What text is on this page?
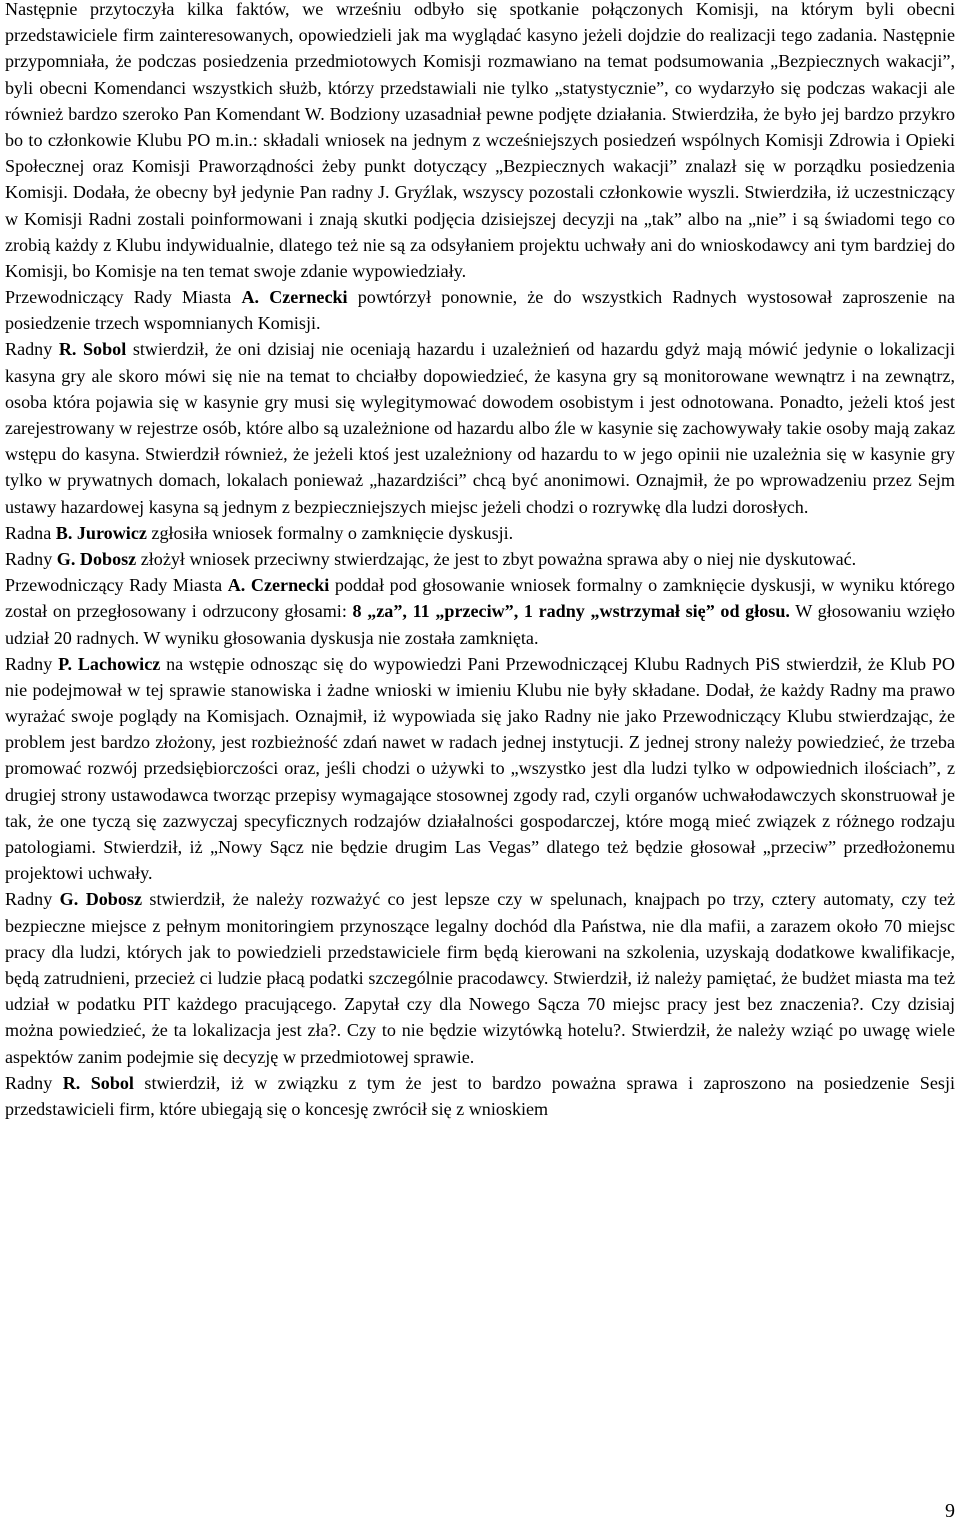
Następnie przytoczyła kilka faktów, we wrześniu odbyło się spotkanie połączonych Komisji, na którym byli obecni przedstawiciele firm zainteresowanych, opowiedzieli jak ma wyglądać kasyno jeżeli dojdzie do realizacji tego zadania. Następnie przypomniała, że podczas posiedzenia przedmiotowych Komisji rozmawiano na temat podsumowania „Bezpiecznych wakacji”, byli obecni Komendanci wszystkich służb, którzy przedstawiali nie tylko „statystycznie”, co wydarzyło się podczas wakacji ale również bardzo szeroko Pan Komendant W. Bodziony uzasadniał pewne podjęte działania. Stwierdziła, że było jej bardzo przykro bo to członkowie Klubu PO m.in.: składali wniosek na jednym z wcześniejszych posiedzeń wspólnych Komisji Zdrowia i Opieki Społecznej oraz Komisji Praworządności żeby punkt dotyczący „Bezpiecznych wakacji” znalazł się w porządku posiedzenia Komisji. Dodała, że obecny był jedynie Pan radny J. Gryźlak, wszyscy pozostali członkowie wyszli. Stwierdziła, iż uczestniczący w Komisji Radni zostali poinformowani i znają skutki podjęcia dzisiejszej decyzji na „tak” albo na „nie” i są świadomi tego co zrobią każdy z Klubu indywidualnie, dlatego też nie są za odsyłaniem projektu uchwały ani do wnioskodawcy ani tym bardziej do Komisji, bo Komisje na ten temat swoje zdanie wypowiedziały.

Przewodniczący Rady Miasta A. Czernecki powtórzył ponownie, że do wszystkich Radnych wystosował zaproszenie na posiedzenie trzech wspomnianych Komisji.

Radny R. Sobol stwierdził, że oni dzisiaj nie oceniają hazardu i uzależnień od hazardu gdyż mają mówić jedynie o lokalizacji kasyna gry ale skoro mówi się nie na temat to chciałby dopowiedzieć, że kasyna gry są monitorowane wewnątrz i na zewnątrz, osoba która pojawia się w kasynie gry musi się wylegitymować dowodem osobistym i jest odnotowana. Ponadto, jeżeli ktoś jest zarejestrowany w rejestrze osób, które albo są uzależnione od hazardu albo źle w kasynie się zachowywały takie osoby mają zakaz wstępu do kasyna. Stwierdził również, że jeżeli ktoś jest uzależniony od hazardu to w jego opinii nie uzależnia się w kasynie gry tylko w prywatnych domach, lokalach ponieważ „hazardziści” chcą być anonimowi. Oznajmił, że po wprowadzeniu przez Sejm ustawy hazardowej kasyna są jednym z bezpieczniejszych miejsc jeżeli chodzi o rozrywkę dla ludzi dorosłych.

Radna B. Jurowicz zgłosiła wniosek formalny o zamknięcie dyskusji.

Radny G. Dobosz złożył wniosek przeciwny stwierdzając, że jest to zbyt poważna sprawa aby o niej nie dyskutować.

Przewodniczący Rady Miasta A. Czernecki poddał pod głosowanie wniosek formalny o zamknięcie dyskusji, w wyniku którego został on przegłosowany i odrzucony głosami: 8 „za”, 11 „przeciw”, 1 radny „wstrzymał się” od głosu. W głosowaniu wzięło udział 20 radnych. W wyniku głosowania dyskusja nie została zamknięta.

Radny P. Lachowicz na wstępie odnosząc się do wypowiedzi Pani Przewodniczącej Klubu Radnych PiS stwierdził, że Klub PO nie podejmował w tej sprawie stanowiska i żadne wnioski w imieniu Klubu nie były składane. Dodał, że każdy Radny ma prawo wyrażać swoje poglądy na Komisjach. Oznajmił, iż wypowiada się jako Radny nie jako Przewodniczący Klubu stwierdzając, że problem jest bardzo złożony, jest rozbieżność zdań nawet w radach jednej instytucji. Z jednej strony należy powiedzieć, że trzeba promować rozwój przedsiębiorczości oraz, jeśli chodzi o używki to „wszystko jest dla ludzi tylko w odpowiednich ilościach”, z drugiej strony ustawodawca tworząc przepisy wymagające stosownej zgody rad, czyli organów uchwałodawczych skonstruował je tak, że one tyczą się zazwyczaj specyficznych rodzajów działalności gospodarczej, które mogą mieć związek z różnego rodzaju patologiami. Stwierdził, iż „Nowy Sącz nie będzie drugim Las Vegas” dlatego też będzie głosował „przeciw” przedłożonemu projektowi uchwały.

Radny G. Dobosz stwierdził, że należy rozważyć co jest lepsze czy w spelunach, knajpach po trzy, cztery automaty, czy też bezpieczne miejsce z pełnym monitoringiem przynoszące legalny dochód dla Państwa, nie dla mafii, a zarazem około 70 miejsc pracy dla ludzi, których jak to powiedzieli przedstawiciele firm będą kierowani na szkolenia, uzyskają dodatkowe kwalifikacje, będą zatrudnieni, przecież ci ludzie płacą podatki szczególnie pracodawcy. Stwierdził, iż należy pamiętać, że budżet miasta ma też udział w podatku PIT każdego pracującego. Zapytał czy dla Nowego Sącza 70 miejsc pracy jest bez znaczenia?. Czy dzisiaj można powiedzieć, że ta lokalizacja jest zła?. Czy to nie będzie wizytówką hotelu?. Stwierdził, że należy wziąć po uwagę wiele aspektów zanim podejmie się decyzję w przedmiotowej sprawie.

Radny R. Sobol stwierdził, iż w związku z tym że jest to bardzo poważna sprawa i zaproszono na posiedzenie Sesji przedstawicieli firm, które ubiegają się o koncesję zwrócił się z wnioskiem

9
